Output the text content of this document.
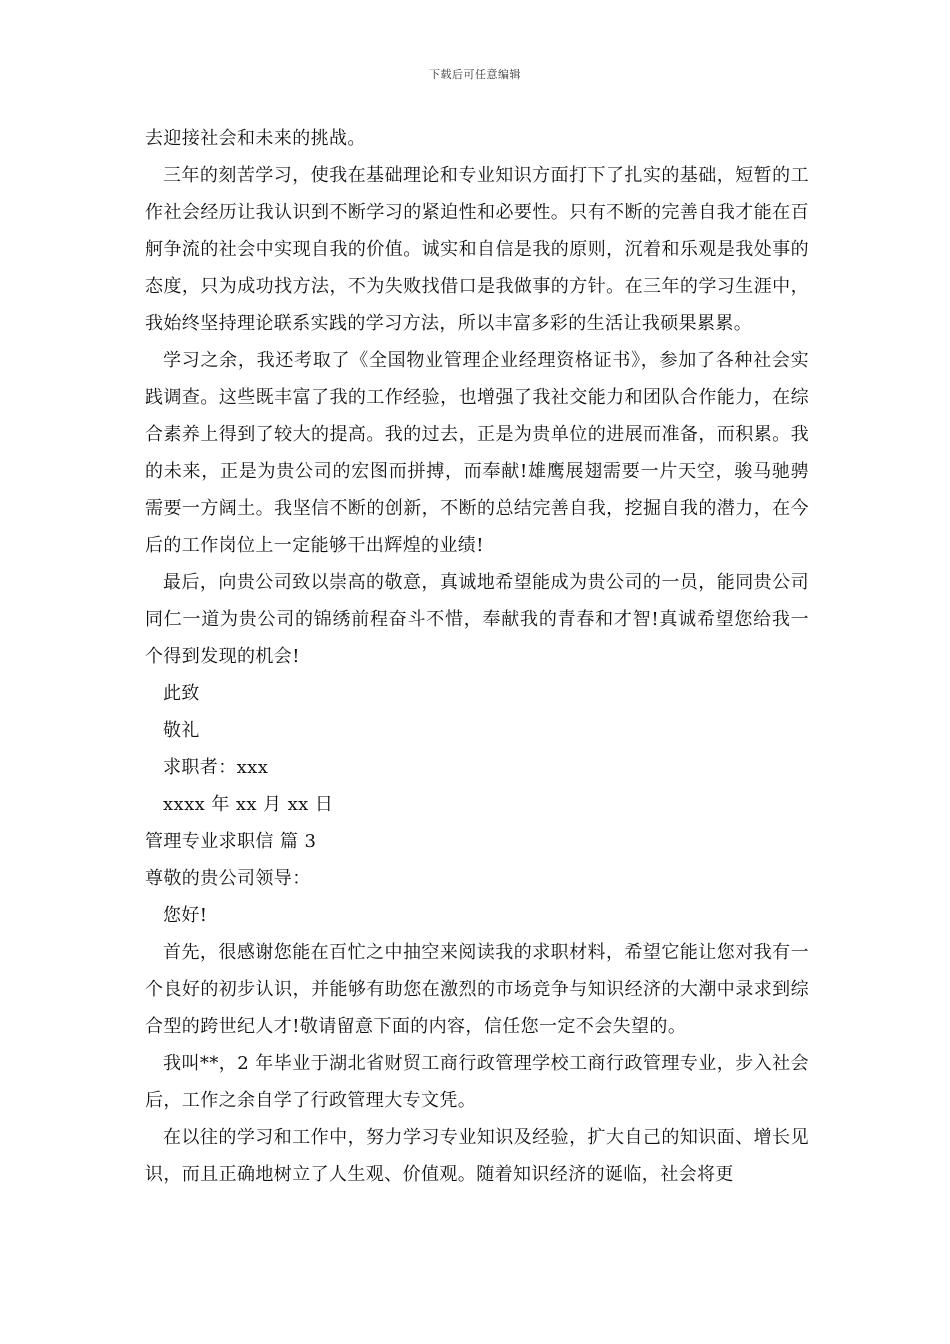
下载后可任意编辑

去迎接社会和未来的挑战。

三年的刻苦学习，使我在基础理论和专业知识方面打下了扎实的基础，短暂的工作社会经历让我认识到不断学习的紧迫性和必要性。只有不断的完善自我才能在百舸争流的社会中实现自我的价值。诚实和自信是我的原则，沉着和乐观是我处事的态度，只为成功找方法，不为失败找借口是我做事的方针。在三年的学习生涯中，我始终坚持理论联系实践的学习方法，所以丰富多彩的生活让我硕果累累。

学习之余，我还考取了《全国物业管理企业经理资格证书》，参加了各种社会实践调查。这些既丰富了我的工作经验，也增强了我社交能力和团队合作能力，在综合素养上得到了较大的提高。我的过去，正是为贵单位的进展而准备，而积累。我的未来，正是为贵公司的宏图而拼搏，而奉献!雄鹰展翅需要一片天空，骏马驰骋需要一方阔土。我坚信不断的创新，不断的总结完善自我，挖掘自我的潜力，在今后的工作岗位上一定能够干出辉煌的业绩!

最后，向贵公司致以崇高的敬意，真诚地希望能成为贵公司的一员，能同贵公司同仁一道为贵公司的锦绣前程奋斗不惜，奉献我的青春和才智!真诚希望您给我一个得到发现的机会!

此致

敬礼

求职者：xxx

xxxx 年 xx 月 xx 日

管理专业求职信 篇 3

尊敬的贵公司领导：

您好!

首先，很感谢您能在百忙之中抽空来阅读我的求职材料，希望它能让您对我有一个良好的初步认识，并能够有助您在激烈的市场竞争与知识经济的大潮中录求到综合型的跨世纪人才!敬请留意下面的内容，信任您一定不会失望的。

我叫**，2 年毕业于湖北省财贸工商行政管理学校工商行政管理专业，步入社会后，工作之余自学了行政管理大专文凭。

在以往的学习和工作中，努力学习专业知识及经验，扩大自己的知识面、增长见识，而且正确地树立了人生观、价值观。随着知识经济的诞临，社会将更
